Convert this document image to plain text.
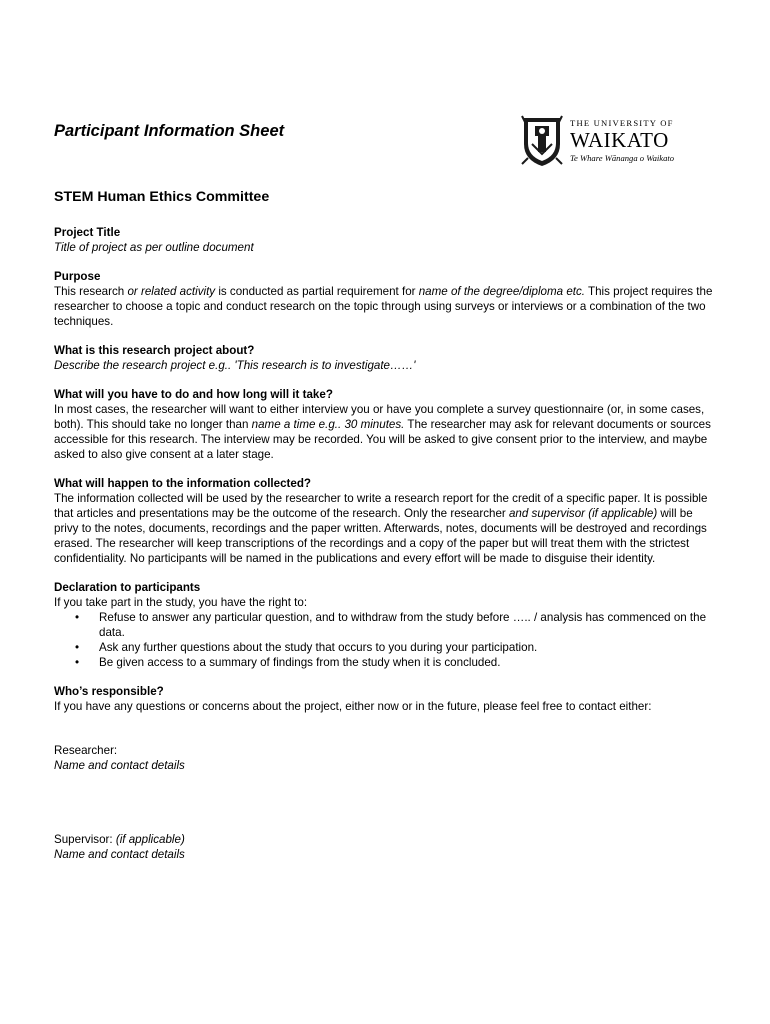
Participant Information Sheet	THE UNIVERSITY OF
WAIKATO
Te Whare Wānanga o Waikato
STEM Human Ethics Committee
Project Title
Title of project as per outline document
Purpose

This research or related activity is conducted as partial requirement for name of the degree/diploma etc. This project requires the researcher to choose a topic and conduct research on the topic through using surveys or interviews or a combination of the two techniques.

What is this research project about?
Describe the research project e.g.. 'This research is to investigate……'
What will you have to do and how long will it take?

In most cases, the researcher will want to either interview you or have you complete a survey questionnaire (or, in some cases, both). This should take no longer than name a time e.g.. 30 minutes. The researcher may ask for relevant documents or sources accessible for this research. The interview may be recorded. You will be asked to give consent prior to the interview, and maybe asked to also give consent at a later stage.

What will happen to the information collected?

The information collected will be used by the researcher to write a research report for the credit of a specific paper. It is possible that articles and presentations may be the outcome of the research. Only the researcher and supervisor (if applicable) will be privy to the notes, documents, recordings and the paper written. Afterwards, notes, documents will be destroyed and recordings erased. The researcher will keep transcriptions of the recordings and a copy of the paper but will treat them with the strictest confidentiality. No participants will be named in the publications and every effort will be made to disguise their identity.

Declaration to participants
If you take part in the study, you have the right to:
• Refuse to answer any particular question, and to withdraw from the study before ….. / analysis has commenced on the data.
• Ask any further questions about the study that occurs to you during your participation.
• Be given access to a summary of findings from the study when it is concluded.
Who’s responsible?
If you have any questions or concerns about the project, either now or in the future, please feel free to contact either:
Researcher:
Name and contact details
Supervisor: (if applicable)
Name and contact details
